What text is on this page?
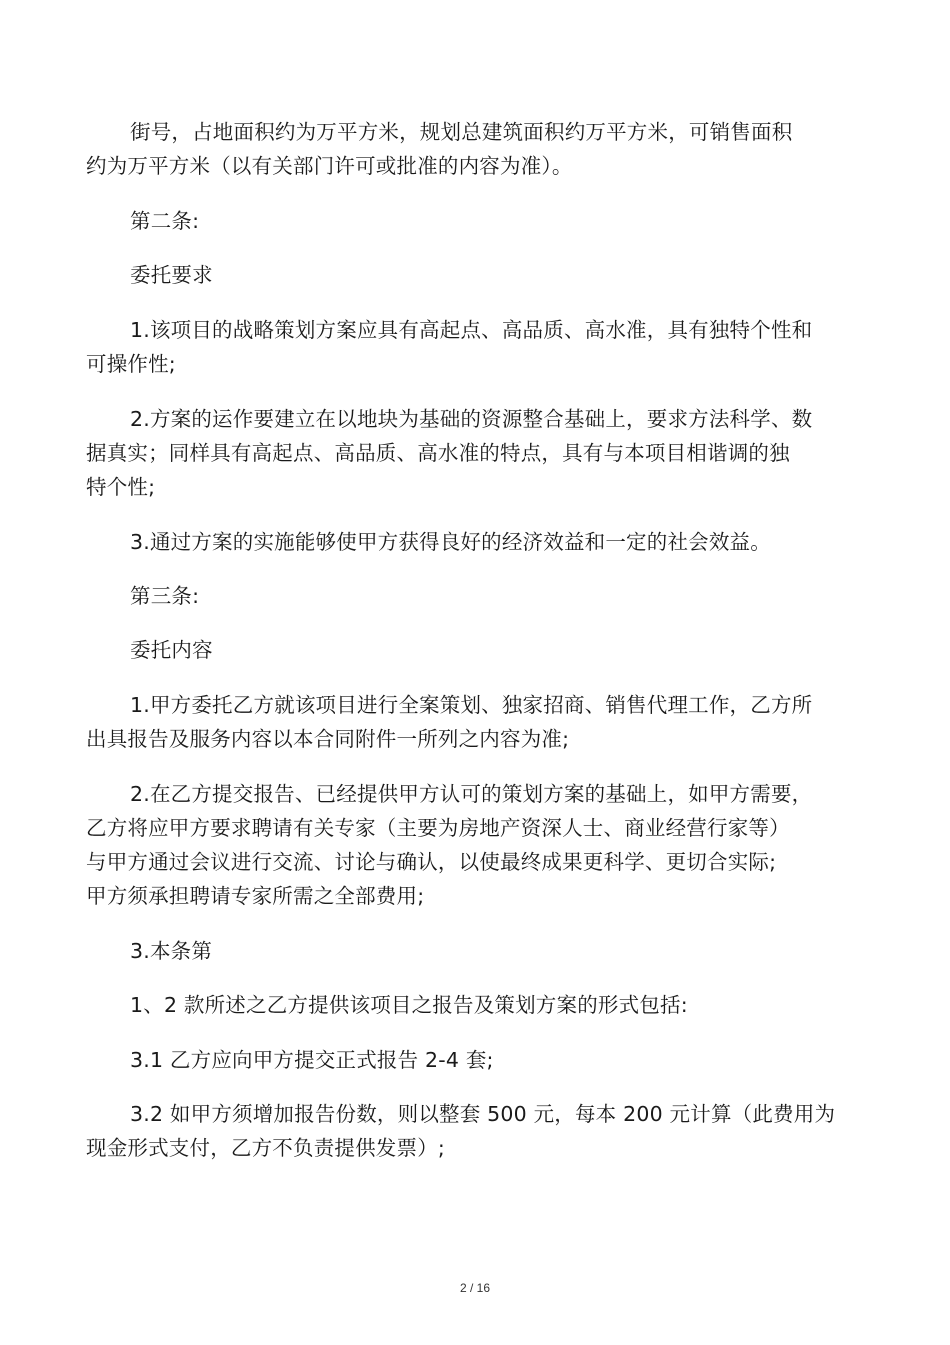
街号，占地面积约为万平方米，规划总建筑面积约万平方米，可销售面积
约为万平方米（以有关部门许可或批准的内容为准）。
第二条:
委托要求
1.该项目的战略策划方案应具有高起点、高品质、高水准，具有独特个性和
可操作性;
2.方案的运作要建立在以地块为基础的资源整合基础上，要求方法科学、数
据真实；同样具有高起点、高品质、高水准的特点，具有与本项目相谐调的独
特个性;
3.通过方案的实施能够使甲方获得良好的经济效益和一定的社会效益。
第三条:
委托内容
1.甲方委托乙方就该项目进行全案策划、独家招商、销售代理工作，乙方所
出具报告及服务内容以本合同附件一所列之内容为准;
2.在乙方提交报告、已经提供甲方认可的策划方案的基础上，如甲方需要，
乙方将应甲方要求聘请有关专家（主要为房地产资深人士、商业经营行家等）
与甲方通过会议进行交流、讨论与确认，以使最终成果更科学、更切合实际;
甲方须承担聘请专家所需之全部费用;
3.本条第
1、2 款所述之乙方提供该项目之报告及策划方案的形式包括:
3.1 乙方应向甲方提交正式报告 2-4 套;
3.2 如甲方须增加报告份数，则以整套 500 元，每本 200 元计算（此费用为
现金形式支付，乙方不负责提供发票）;
2 / 16
